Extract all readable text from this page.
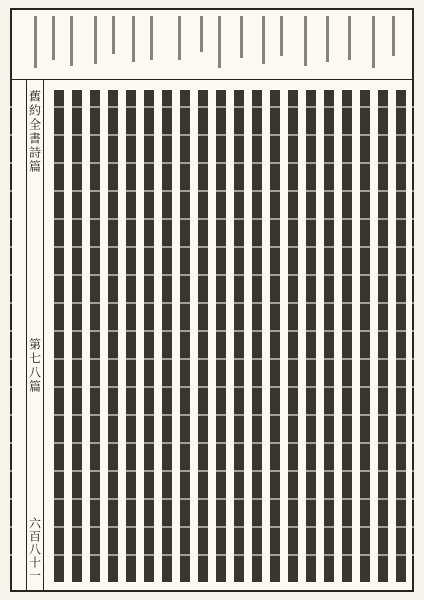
舊約全書詩篇
第七八篇
六百八十一
